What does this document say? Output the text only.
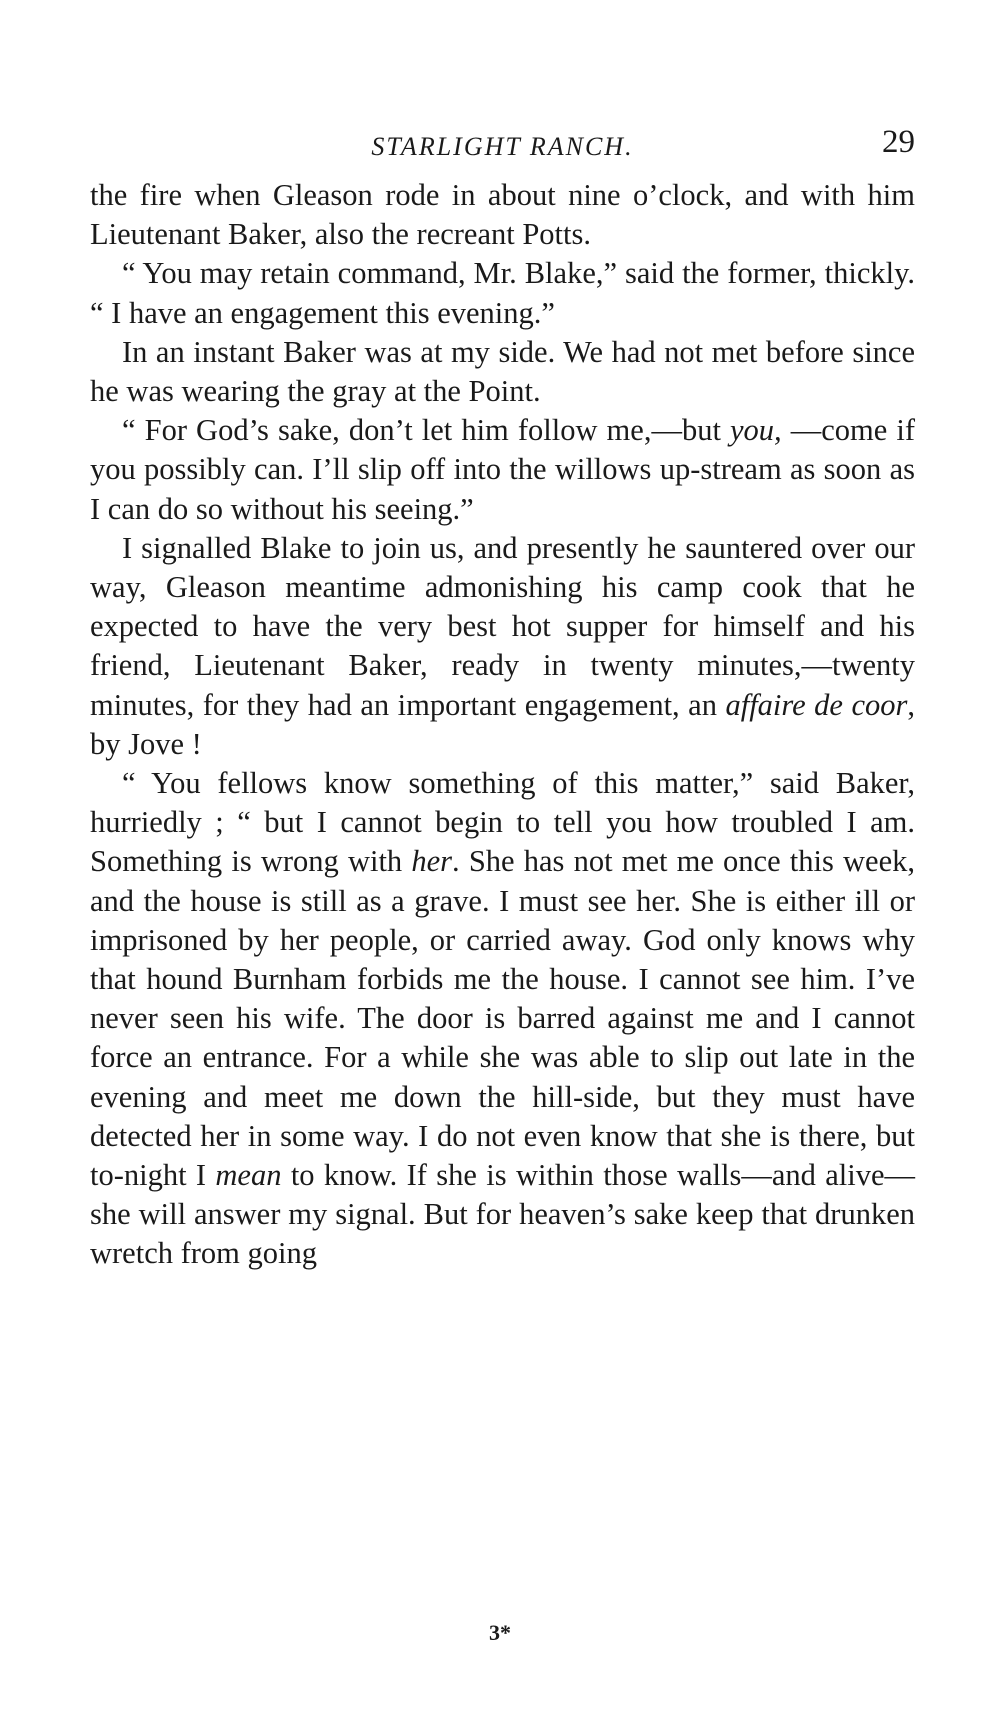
STARLIGHT RANCH.	29

the fire when Gleason rode in about nine o’clock, and with him Lieutenant Baker, also the recreant Potts.

“ You may retain command, Mr. Blake,” said the former, thickly. “ I have an engagement this evening.”

In an instant Baker was at my side. We had not met before since he was wearing the gray at the Point.

“ For God’s sake, don’t let him follow me,—but you, —come if you possibly can. I’ll slip off into the willows up-stream as soon as I can do so without his seeing.”

I signalled Blake to join us, and presently he sauntered over our way, Gleason meantime admonishing his camp cook that he expected to have the very best hot supper for himself and his friend, Lieutenant Baker, ready in twenty minutes,—twenty minutes, for they had an important engagement, an affaire de coor, by Jove !

“ You fellows know something of this matter,” said Baker, hurriedly ; “ but I cannot begin to tell you how troubled I am. Something is wrong with her. She has not met me once this week, and the house is still as a grave. I must see her. She is either ill or imprisoned by her people, or carried away. God only knows why that hound Burnham forbids me the house. I cannot see him. I’ve never seen his wife. The door is barred against me and I cannot force an entrance. For a while she was able to slip out late in the evening and meet me down the hill-side, but they must have detected her in some way. I do not even know that she is there, but to-night I mean to know. If she is within those walls—and alive—she will answer my signal. But for heaven’s sake keep that drunken wretch from going

3*
